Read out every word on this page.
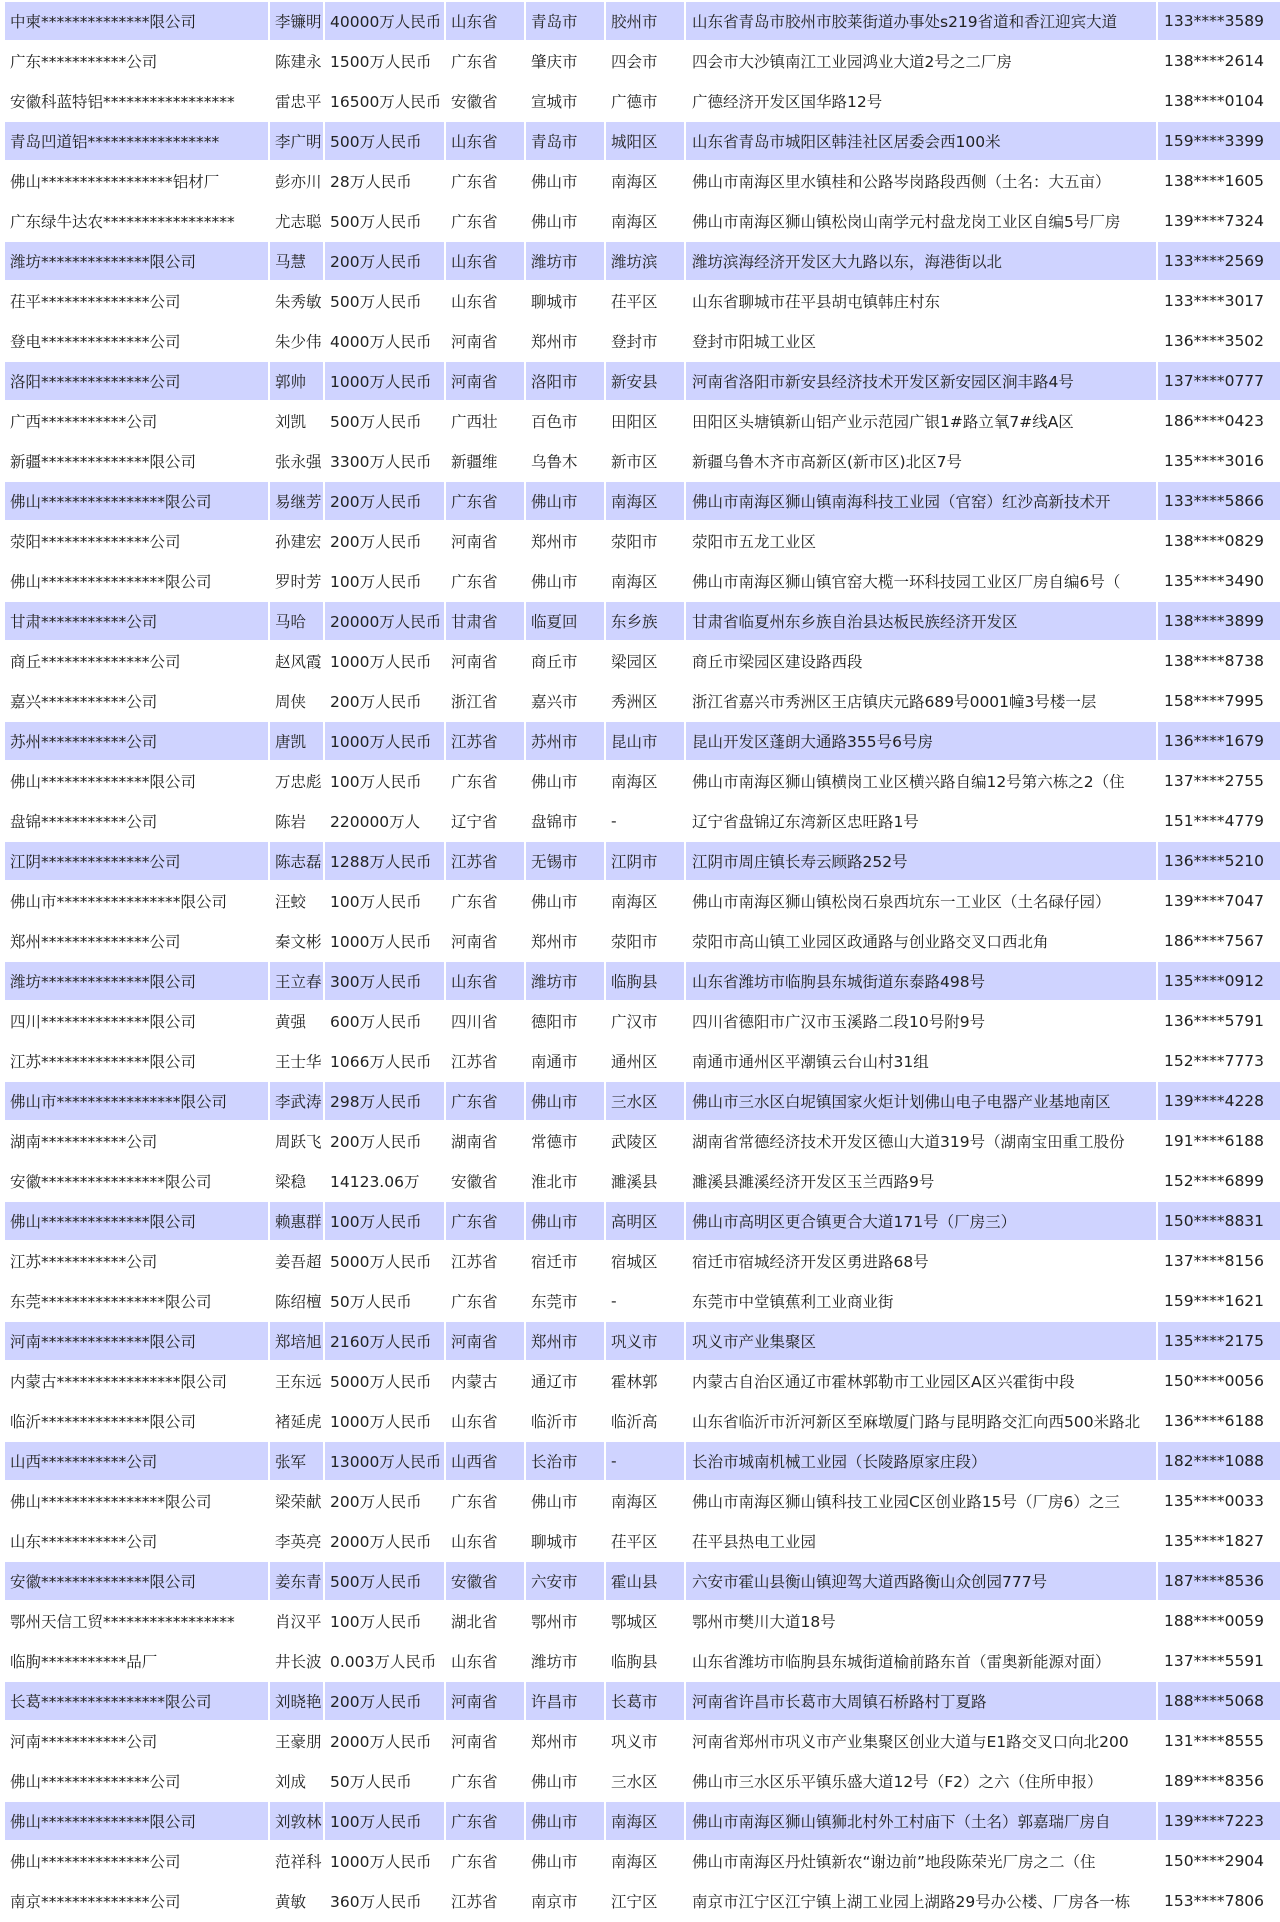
中柬**************限公司	李镰明	40000万人民币	山东省	青岛市	胶州市	山东省青岛市胶州市胶莱街道办事处s219省道和香江迎宾大道	133****3589
广东***********公司	陈建永	1500万人民币	广东省	肇庆市	四会市	四会市大沙镇南江工业园鸿业大道2号之二厂房	138****2614
安徽科蓝特铝*****************	雷忠平	16500万人民币	安徽省	宣城市	广德市	广德经济开发区国华路12号	138****0104
青岛凹道铝*****************	李广明	500万人民币	山东省	青岛市	城阳区	山东省青岛市城阳区韩洼社区居委会西100米	159****3399
佛山*****************铝材厂	彭亦川	28万人民币	广东省	佛山市	南海区	佛山市南海区里水镇桂和公路岑岗路段西侧（土名：大五亩）	138****1605
广东绿牛达农*****************	尤志聪	500万人民币	广东省	佛山市	南海区	佛山市南海区狮山镇松岗山南学元村盘龙岗工业区自编5号厂房	139****7324
潍坊**************限公司	马慧	200万人民币	山东省	潍坊市	潍坊滨	潍坊滨海经济开发区大九路以东，海港街以北	133****2569
茌平**************公司	朱秀敏	500万人民币	山东省	聊城市	茌平区	山东省聊城市茌平县胡屯镇韩庄村东	133****3017
登电**************公司	朱少伟	4000万人民币	河南省	郑州市	登封市	登封市阳城工业区	136****3502
洛阳**************公司	郭帅	1000万人民币	河南省	洛阳市	新安县	河南省洛阳市新安县经济技术开发区新安园区涧丰路4号	137****0777
广西***********公司	刘凯	500万人民币	广西壮	百色市	田阳区	田阳区头塘镇新山铝产业示范园广银1#路立氧7#线A区	186****0423
新疆**************限公司	张永强	3300万人民币	新疆维	乌鲁木	新市区	新疆乌鲁木齐市高新区(新市区)北区7号	135****3016
佛山****************限公司	易继芳	200万人民币	广东省	佛山市	南海区	佛山市南海区狮山镇南海科技工业园（官窑）红沙高新技术开	133****5866
荥阳**************公司	孙建宏	200万人民币	河南省	郑州市	荥阳市	荥阳市五龙工业区	138****0829
佛山****************限公司	罗时芳	100万人民币	广东省	佛山市	南海区	佛山市南海区狮山镇官窑大榄一环科技园工业区厂房自编6号（	135****3490
甘肃***********公司	马哈	20000万人民币	甘肃省	临夏回	东乡族	甘肃省临夏州东乡族自治县达板民族经济开发区	138****3899
商丘**************公司	赵风霞	1000万人民币	河南省	商丘市	梁园区	商丘市梁园区建设路西段	138****8738
嘉兴***********公司	周侠	200万人民币	浙江省	嘉兴市	秀洲区	浙江省嘉兴市秀洲区王店镇庆元路689号0001幢3号楼一层	158****7995
苏州***********公司	唐凯	1000万人民币	江苏省	苏州市	昆山市	昆山开发区蓬朗大通路355号6号房	136****1679
佛山**************限公司	万忠彪	100万人民币	广东省	佛山市	南海区	佛山市南海区狮山镇横岗工业区横兴路自编12号第六栋之2（住	137****2755
盘锦***********公司	陈岩	220000万人	辽宁省	盘锦市	-	辽宁省盘锦辽东湾新区忠旺路1号	151****4779
江阴**************公司	陈志磊	1288万人民币	江苏省	无锡市	江阴市	江阴市周庄镇长寿云顾路252号	136****5210
佛山市****************限公司	汪蛟	100万人民币	广东省	佛山市	南海区	佛山市南海区狮山镇松岗石泉西坑东一工业区（土名碌仔园）	139****7047
郑州**************公司	秦文彬	1000万人民币	河南省	郑州市	荥阳市	荥阳市高山镇工业园区政通路与创业路交叉口西北角	186****7567
潍坊**************限公司	王立春	300万人民币	山东省	潍坊市	临朐县	山东省潍坊市临朐县东城街道东泰路498号	135****0912
四川**************限公司	黄强	600万人民币	四川省	德阳市	广汉市	四川省德阳市广汉市玉溪路二段10号附9号	136****5791
江苏**************限公司	王士华	1066万人民币	江苏省	南通市	通州区	南通市通州区平潮镇云台山村31组	152****7773
佛山市****************限公司	李武涛	298万人民币	广东省	佛山市	三水区	佛山市三水区白坭镇国家火炬计划佛山电子电器产业基地南区	139****4228
湖南***********公司	周跃飞	200万人民币	湖南省	常德市	武陵区	湖南省常德经济技术开发区德山大道319号（湖南宝田重工股份	191****6188
安徽****************限公司	梁稳	14123.06万	安徽省	淮北市	濉溪县	濉溪县濉溪经济开发区玉兰西路9号	152****6899
佛山**************限公司	赖惠群	100万人民币	广东省	佛山市	高明区	佛山市高明区更合镇更合大道171号（厂房三）	150****8831
江苏***********公司	姜吾超	5000万人民币	江苏省	宿迁市	宿城区	宿迁市宿城经济开发区勇进路68号	137****8156
东莞****************限公司	陈绍檀	50万人民币	广东省	东莞市	-	东莞市中堂镇蕉利工业商业街	159****1621
河南**************限公司	郑培旭	2160万人民币	河南省	郑州市	巩义市	巩义市产业集聚区	135****2175
内蒙古****************限公司	王东远	5000万人民币	内蒙古	通辽市	霍林郭	内蒙古自治区通辽市霍林郭勒市工业园区A区兴霍街中段	150****0056
临沂**************限公司	褚延虎	1000万人民币	山东省	临沂市	临沂高	山东省临沂市沂河新区至麻墩厦门路与昆明路交汇向西500米路北	136****6188
山西***********公司	张军	13000万人民币	山西省	长治市	-	长治市城南机械工业园（长陵路原家庄段）	182****1088
佛山****************限公司	梁荣献	200万人民币	广东省	佛山市	南海区	佛山市南海区狮山镇科技工业园C区创业路15号（厂房6）之三	135****0033
山东***********公司	李英亮	2000万人民币	山东省	聊城市	茌平区	茌平县热电工业园	135****1827
安徽**************限公司	姜东青	500万人民币	安徽省	六安市	霍山县	六安市霍山县衡山镇迎驾大道西路衡山众创园777号	187****8536
鄂州天信工贸*****************	肖汉平	100万人民币	湖北省	鄂州市	鄂城区	鄂州市樊川大道18号	188****0059
临朐***********品厂	井长波	0.003万人民币	山东省	潍坊市	临朐县	山东省潍坊市临朐县东城街道榆前路东首（雷奥新能源对面）	137****5591
长葛****************限公司	刘晓艳	200万人民币	河南省	许昌市	长葛市	河南省许昌市长葛市大周镇石桥路村丁夏路	188****5068
河南***********公司	王豪朋	2000万人民币	河南省	郑州市	巩义市	河南省郑州市巩义市产业集聚区创业大道与E1路交叉口向北200	131****8555
佛山**************公司	刘成	50万人民币	广东省	佛山市	三水区	佛山市三水区乐平镇乐盛大道12号（F2）之六（住所申报）	189****8356
佛山**************限公司	刘敦林	100万人民币	广东省	佛山市	南海区	佛山市南海区狮山镇狮北村外工村庙下（土名）郭嘉瑞厂房自	139****7223
佛山**************公司	范祥科	1000万人民币	广东省	佛山市	南海区	佛山市南海区丹灶镇新农“谢边前”地段陈荣光厂房之二（住	150****2904
南京**************公司	黄敏	360万人民币	江苏省	南京市	江宁区	南京市江宁区江宁镇上湖工业园上湖路29号办公楼、厂房各一栋	153****7806
